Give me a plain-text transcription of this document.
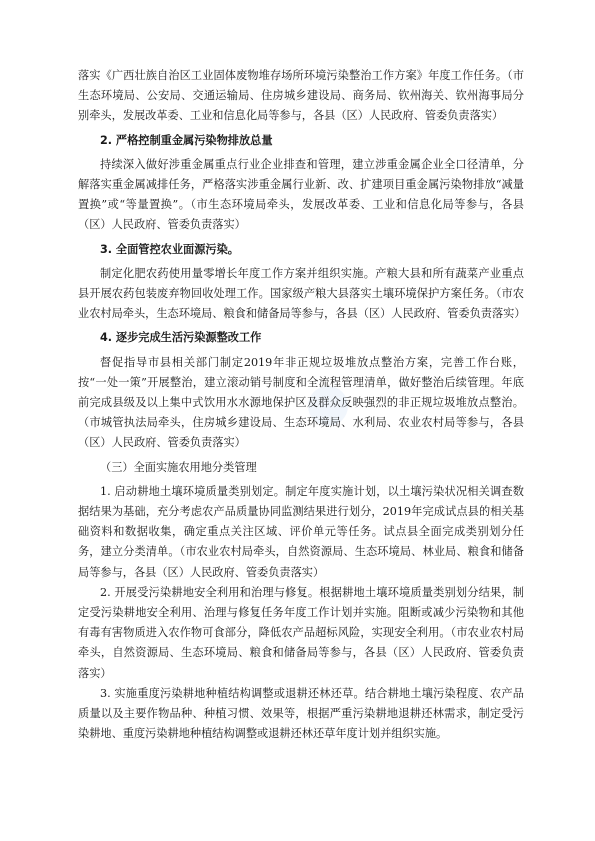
落实《广西壮族自治区工业固体废物堆存场所环境污染整治工作方案》年度工作任务。（市生态环境局、公安局、交通运输局、住房城乡建设局、商务局、钦州海关、钦州海事局分别牵头，发展改革委、工业和信息化局等参与，各县（区）人民政府、管委负责落实）

2. 严格控制重金属污染物排放总量

持续深入做好涉重金属重点行业企业排查和管理，建立涉重金属企业全口径清单，分解落实重金属减排任务，严格落实涉重金属行业新、改、扩建项目重金属污染物排放“减量置换”或“等量置换”。（市生态环境局牵头，发展改革委、工业和信息化局等参与，各县（区）人民政府、管委负责落实）

3. 全面管控农业面源污染。

制定化肥农药使用量零增长年度工作方案并组织实施。产粮大县和所有蔬菜产业重点县开展农药包装废弃物回收处理工作。国家级产粮大县落实土壤环境保护方案任务。（市农业农村局牵头，生态环境局、粮食和储备局等参与，各县（区）人民政府、管委负责落实）

4. 逐步完成生活污染源整改工作

督促指导市县相关部门制定2019年非正规垃圾堆放点整治方案，完善工作台账，按“一处一策”开展整治，建立滚动销号制度和全流程管理清单，做好整治后续管理。年底前完成县级及以上集中式饮用水水源地保护区及群众反映强烈的非正规垃圾堆放点整治。（市城管执法局牵头，住房城乡建设局、生态环境局、水利局、农业农村局等参与，各县（区）人民政府、管委负责落实）

（三）全面实施农用地分类管理

1. 启动耕地土壤环境质量类别划定。制定年度实施计划，以土壤污染状况相关调查数据结果为基础，充分考虑农产品质量协同监测结果进行划分，2019年完成试点县的相关基础资料和数据收集，确定重点关注区域、评价单元等任务。试点县全面完成类别划分任务，建立分类清单。（市农业农村局牵头，自然资源局、生态环境局、林业局、粮食和储备局等参与，各县（区）人民政府、管委负责落实）

2. 开展受污染耕地安全利用和治理与修复。根据耕地土壤环境质量类别划分结果，制定受污染耕地安全利用、治理与修复任务年度工作计划并实施。阻断或减少污染物和其他有毒有害物质进入农作物可食部分，降低农产品超标风险，实现安全利用。（市农业农村局牵头，自然资源局、生态环境局、粮食和储备局等参与，各县（区）人民政府、管委负责落实）

3. 实施重度污染耕地种植结构调整或退耕还林还草。结合耕地土壤污染程度、农产品质量以及主要作物品种、种植习惯、效果等，根据严重污染耕地退耕还林需求，制定受污染耕地、重度污染耕地种植结构调整或退耕还林还草年度计划并组织实施。
